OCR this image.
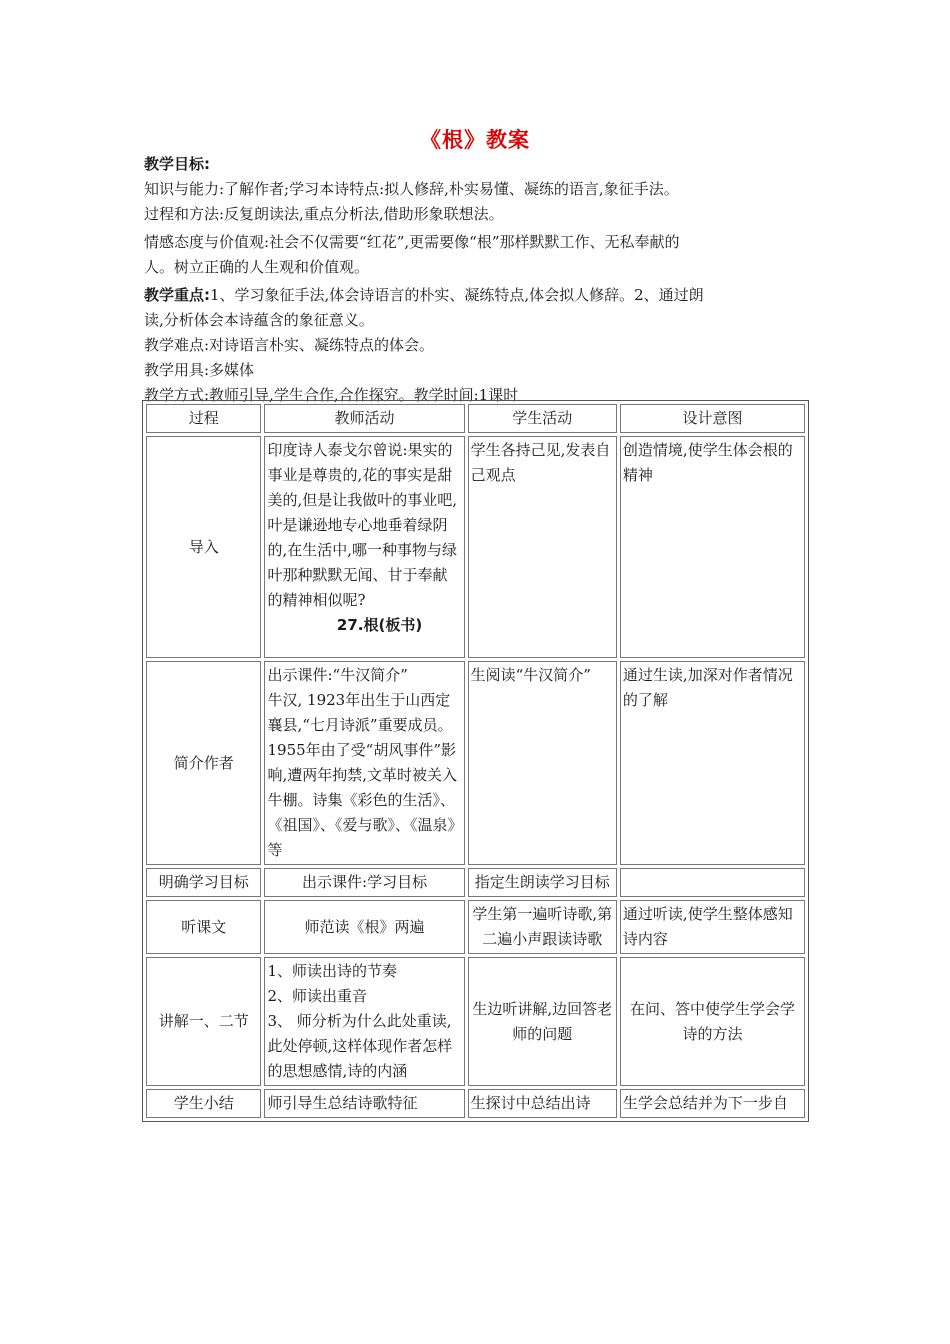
《根》教案

教学目标:

知识与能力:了解作者;学习本诗特点:拟人修辞,朴实易懂、凝练的语言,象征手法。

过程和方法:反复朗读法,重点分析法,借助形象联想法。

情感态度与价值观:社会不仅需要“红花”,更需要像“根”那样默默工作、无私奉献的

人。树立正确的人生观和价值观。

教学重点:1、学习象征手法,体会诗语言的朴实、凝练特点,体会拟人修辞。2、通过朗

读,分析体会本诗蕴含的象征意义。

教学难点:对诗语言朴实、凝练特点的体会。

教学用具:多媒体

教学方式:教师引导,学生合作,合作探究。教学时间:1课时

过程	教师活动	学生活动	设计意图
导入	印度诗人泰戈尔曾说:果实的事业是尊贵的,花的事实是甜美的,但是让我做叶的事业吧,叶是谦逊地专心地垂着绿阴的,在生活中,哪一种事物与绿叶那种默默无闻、甘于奉献的精神相似呢?
27.根(板书)	学生各持己见,发表自己观点	创造情境,使学生体会根的精神
简介作者	出示课件:“牛汉简介”
牛汉, 1923年出生于山西定襄县,“七月诗派”重要成员。1955年由了受“胡风事件”影响,遭两年拘禁,文革时被关入牛棚。诗集《彩色的生活》、《祖国》、《爱与歌》、《温泉》等	生阅读“牛汉简介”	通过生读,加深对作者情况的了解
明确学习目标	出示课件:学习目标	指定生朗读学习目标	
听课文	师范读《根》两遍	学生第一遍听诗歌,第二遍小声跟读诗歌	通过听读,使学生整体感知诗内容
讲解一、二节	1、师读出诗的节奏
2、师读出重音
3、 师分析为什么此处重读,此处停顿,这样体现作者怎样的思想感情,诗的内涵	生边听讲解,边回答老师的问题	在问、答中使学生学会学诗的方法
学生小结	师引导生总结诗歌特征	生探讨中总结出诗	生学会总结并为下一步自
